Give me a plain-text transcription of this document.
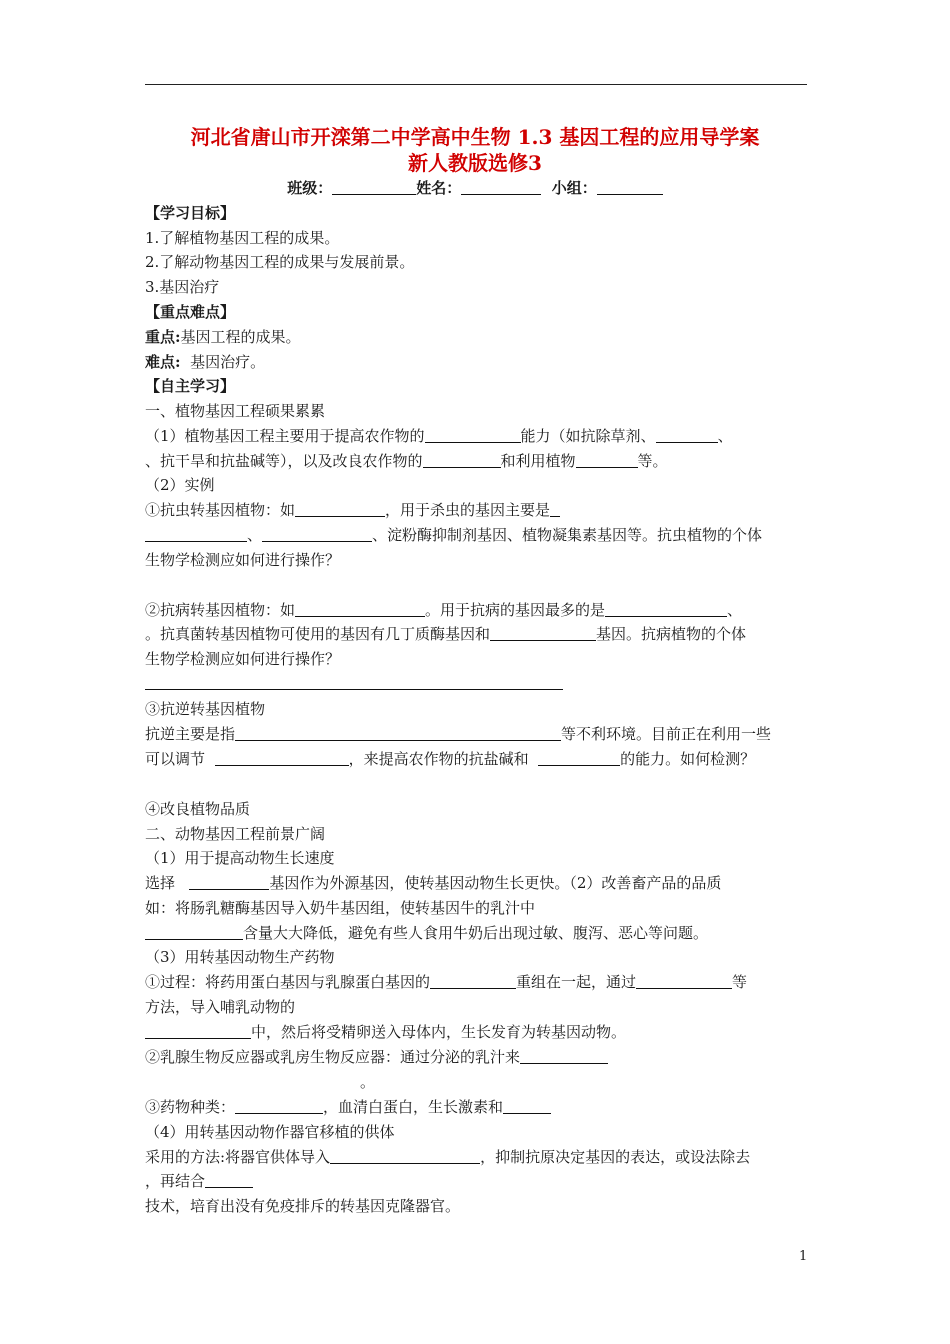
河北省唐山市开滦第二中学高中生物 1.3 基因工程的应用导学案
新人教版选修3
班级：	姓名：	小组：
【学习目标】
1.了解植物基因工程的成果。
2.了解动物基因工程的成果与发展前景。
3.基因治疗
【重点难点】
重点:基因工程的成果。
难点: 基因治疗。
【自主学习】
一、植物基因工程硕果累累
（1）植物基因工程主要用于提高农作物的	能力（如抗除草剂、	、
、抗干旱和抗盐碱等），以及改良农作物的	和利用植物	等。
（2）实例
①抗虫转基因植物：如	，用于杀虫的基因主要是
、	、淀粉酶抑制剂基因、植物凝集素基因等。抗虫植物的个体
生物学检测应如何进行操作？
②抗病转基因植物：如	。用于抗病的基因最多的是	、
。抗真菌转基因植物可使用的基因有几丁质酶基因和	基因。抗病植物的个体
生物学检测应如何进行操作？
③抗逆转基因植物
抗逆主要是指	等不利环境。目前正在利用一些
可以调节	，来提高农作物的抗盐碱和	的能力。如何检测？
④改良植物品质
二、动物基因工程前景广阔
（1）用于提高动物生长速度
选择	基因作为外源基因，使转基因动物生长更快。（2）改善畜产品的品质
如：将肠乳糖酶基因导入奶牛基因组，使转基因牛的乳汁中
含量大大降低，避免有些人食用牛奶后出现过敏、腹泻、恶心等问题。
（3）用转基因动物生产药物
①过程：将药用蛋白基因与乳腺蛋白基因的	重组在一起，通过	等
方法，导入哺乳动物的
中，然后将受精卵送入母体内，生长发育为转基因动物。
②乳腺生物反应器或乳房生物反应器：通过分泌的乳汁来
。
③药物种类：	，血清白蛋白，生长激素和
（4）用转基因动物作器官移植的供体
采用的方法:将器官供体导入	，抑制抗原决定基因的表达，或设法除去
，再结合
技术，培育出没有免疫排斥的转基因克隆器官。
1
